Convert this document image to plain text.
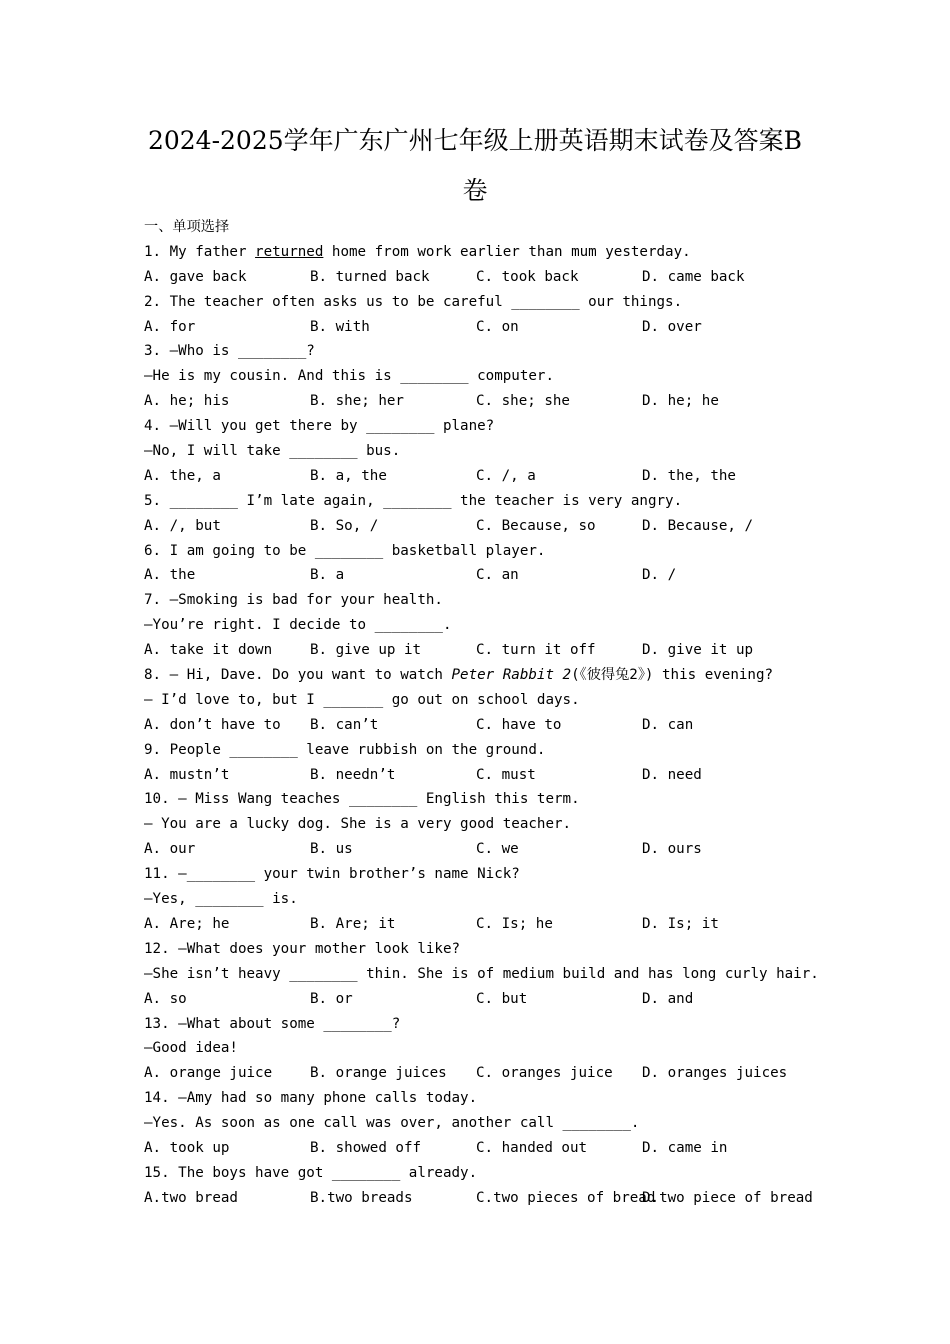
2024-2025学年广东广州七年级上册英语期末试卷及答案B
卷
一、单项选择
1. My father returned home from work earlier than mum yesterday.
A. gave back	B. turned back	C. took back	D. came back
2. The teacher often asks us to be careful ________ our things.
A. for	B. with	C. on	D. over
3. —Who is ________?
—He is my cousin. And this is ________ computer.
A. he; his	B. she; her	C. she; she	D. he; he
4. —Will you get there by ________ plane?
—No, I will take ________ bus.
A. the, a	B. a, the	C. /, a	D. the, the
5. ________ I’m late again, ________ the teacher is very angry.
A. /, but	B. So, /	C. Because, so	D. Because, /
6. I am going to be ________ basketball player.
A. the	B. a	C. an	D. /
7. —Smoking is bad for your health.
—You’re right. I decide to ________.
A. take it down	B. give up it	C. turn it off	D. give it up
8. — Hi, Dave. Do you want to watch Peter Rabbit 2(《彼得兔2》) this evening?
— I’d love to, but I _______ go out on school days.
A. don’t have to	B. can’t	C. have to	D. can
9. People ________ leave rubbish on the ground.
A. mustn’t	B. needn’t	C. must	D. need
10. — Miss Wang teaches ________ English this term.
— You are a lucky dog. She is a very good teacher.
A. our	B. us	C. we	D. ours
11. —________ your twin brother’s name Nick?
—Yes, ________ is.
A. Are; he	B. Are; it	C. Is; he	D. Is; it
12. —What does your mother look like?
—She isn’t heavy ________ thin. She is of medium build and has long curly hair.
A. so	B. or	C. but	D. and
13. —What about some ________?
—Good idea!
A. orange juice	B. orange juices	C. oranges juice	D. oranges juices
14. —Amy had so many phone calls today.
—Yes. As soon as one call was over, another call ________.
A. took up	B. showed off	C. handed out	D. came in
15. The boys have got ________ already.
A.two bread	B.two breads	C.two pieces of bread
D.two piece of bread
